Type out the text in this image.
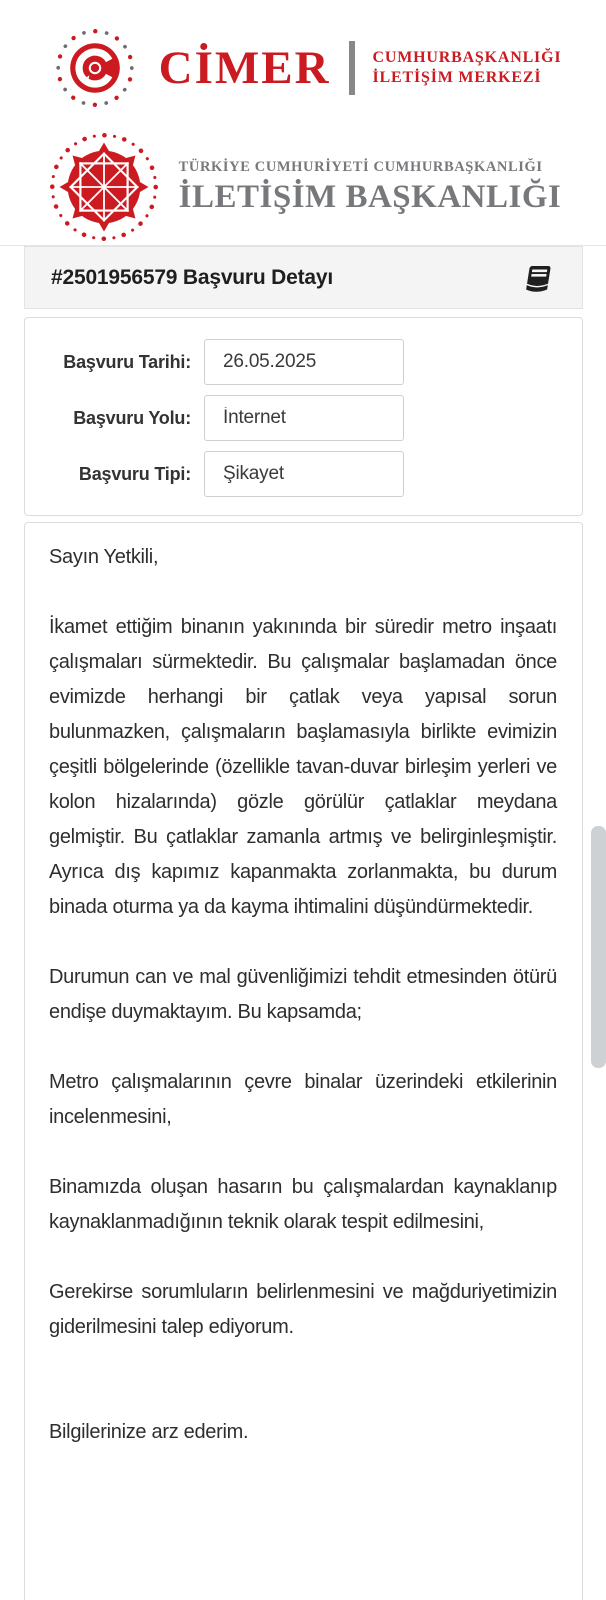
CİMER	CUMHURBAŞKANLIĞI
İLETİŞİM MERKEZİ
TÜRKİYE CUMHURİYETİ CUMHURBAŞKANLIĞI
İLETİŞİM BAŞKANLIĞI
#2501956579 Başvuru Detayı
Başvuru Tarihi:
26.05.2025
Başvuru Yolu:
İnternet
Başvuru Tipi:
Şikayet

Sayın Yetkili,

İkamet ettiğim binanın yakınında bir süredir metro inşaatı çalışmaları sürmektedir. Bu çalışmalar başlamadan önce evimizde herhangi bir çatlak veya yapısal sorun bulunmazken, çalışmaların başlamasıyla birlikte evimizin çeşitli bölgelerinde (özellikle tavan-duvar birleşim yerleri ve kolon hizalarında) gözle görülür çatlaklar meydana gelmiştir. Bu çatlaklar zamanla artmış ve belirginleşmiştir. Ayrıca dış kapımız kapanmakta zorlanmakta, bu durum binada oturma ya da kayma ihtimalini düşündürmektedir.

Durumun can ve mal güvenliğimizi tehdit etmesinden ötürü endişe duymaktayım. Bu kapsamda;

Metro çalışmalarının çevre binalar üzerindeki etkilerinin incelenmesini,

Binamızda oluşan hasarın bu çalışmalardan kaynaklanıp kaynaklanmadığının teknik olarak tespit edilmesini,

Gerekirse sorumluların belirlenmesini ve mağduriyetimizin giderilmesini talep ediyorum.

Bilgilerinize arz ederim.
